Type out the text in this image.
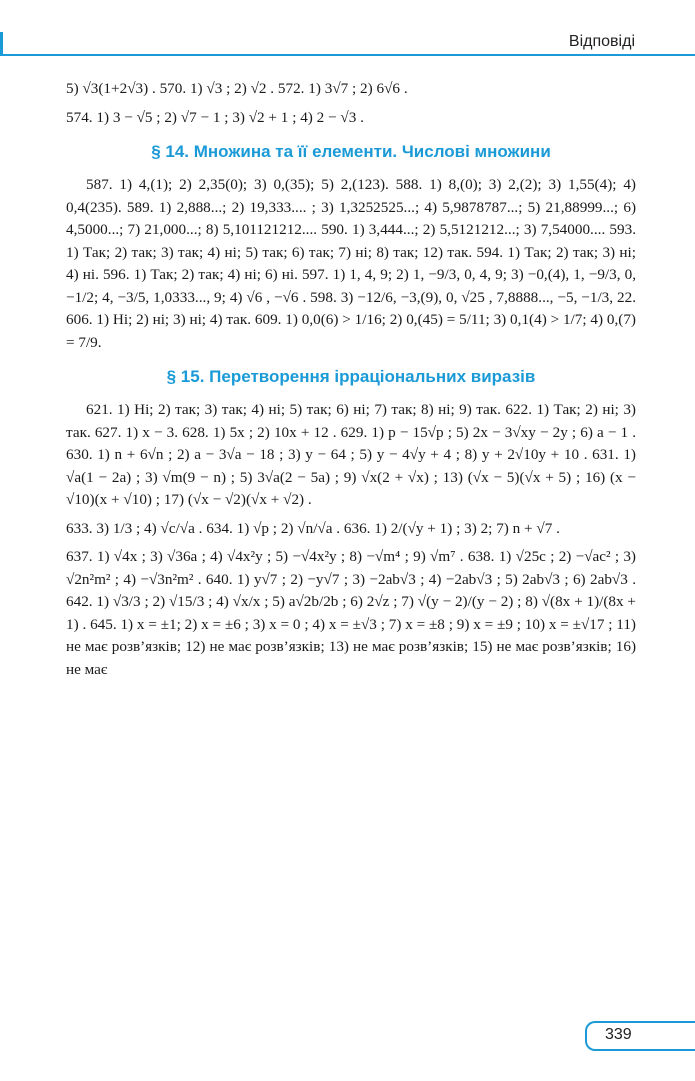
Відповіді

5) √3(1+2√3) . 570. 1) √3 ; 2) √2 . 572. 1) 3√7 ; 2) 6√6 .

574. 1) 3 − √5 ; 2) √7 − 1 ; 3) √2 + 1 ; 4) 2 − √3 .

§ 14. Множина та її елементи. Числові множини

587. 1) 4,(1); 2) 2,35(0); 3) 0,(35); 5) 2,(123). 588. 1) 8,(0); 3) 2,(2); 3) 1,55(4); 4) 0,4(235). 589. 1) 2,888...; 2) 19,333.... ; 3) 1,3252525...; 4) 5,9878787...; 5) 21,88999...; 6) 4,5000...; 7) 21,000...; 8) 5,101121212.... 590. 1) 3,444...; 2) 5,5121212...; 3) 7,54000.... 593. 1) Так; 2) так; 3) так; 4) ні; 5) так; 6) так; 7) ні; 8) так; 12) так. 594. 1) Так; 2) так; 3) ні; 4) ні. 596. 1) Так; 2) так; 4) ні; 6) ні. 597. 1) 1, 4, 9; 2) 1, −9/3, 0, 4, 9; 3) −0,(4), 1, −9/3, 0, −1/2; 4, −3/5, 1,0333..., 9; 4) √6 , −√6 . 598. 3) −12/6, −3,(9), 0, √25 , 7,8888..., −5, −1/3, 22. 606. 1) Ні; 2) ні; 3) ні; 4) так. 609. 1) 0,0(6) > 1/16; 2) 0,(45) = 5/11; 3) 0,1(4) > 1/7; 4) 0,(7) = 7/9.

§ 15. Перетворення ірраціональних виразів

621. 1) Ні; 2) так; 3) так; 4) ні; 5) так; 6) ні; 7) так; 8) ні; 9) так. 622. 1) Так; 2) ні; 3) так. 627. 1) x − 3. 628. 1) 5x ; 2) 10x + 12 . 629. 1) p − 15√p ; 5) 2x − 3√xy − 2y ; 6) a − 1 . 630. 1) n + 6√n ; 2) a − 3√a − 18 ; 3) y − 64 ; 5) y − 4√y + 4 ; 8) y + 2√10y + 10 . 631. 1) √a(1 − 2a) ; 3) √m(9 − n) ; 5) 3√a(2 − 5a) ; 9) √x(2 + √x) ; 13) (√x − 5)(√x + 5) ; 16) (x − √10)(x + √10) ; 17) (√x − √2)(√x + √2) .

633. 3) 1/3 ; 4) √c/√a . 634. 1) √p ; 2) √n/√a . 636. 1) 2/(√y + 1) ; 3) 2; 7) n + √7 .

637. 1) √4x ; 3) √36a ; 4) √4x²y ; 5) −√4x²y ; 8) −√m⁴ ; 9) √m⁷ . 638. 1) √25c ; 2) −√ac² ; 3) √2n²m² ; 4) −√3n²m² . 640. 1) y√7 ; 2) −y√7 ; 3) −2ab√3 ; 4) −2ab√3 ; 5) 2ab√3 ; 6) 2ab√3 . 642. 1) √3/3 ; 2) √15/3 ; 4) √x/x ; 5) a√2b/2b ; 6) 2√z ; 7) √(y − 2)/(y − 2) ; 8) √(8x + 1)/(8x + 1) . 645. 1) x = ±1; 2) x = ±6 ; 3) x = 0 ; 4) x = ±√3 ; 7) x = ±8 ; 9) x = ±9 ; 10) x = ±√17 ; 11) не має розв’язків; 12) не має розв’язків; 13) не має розв’язків; 15) не має розв’язків; 16) не має

339
